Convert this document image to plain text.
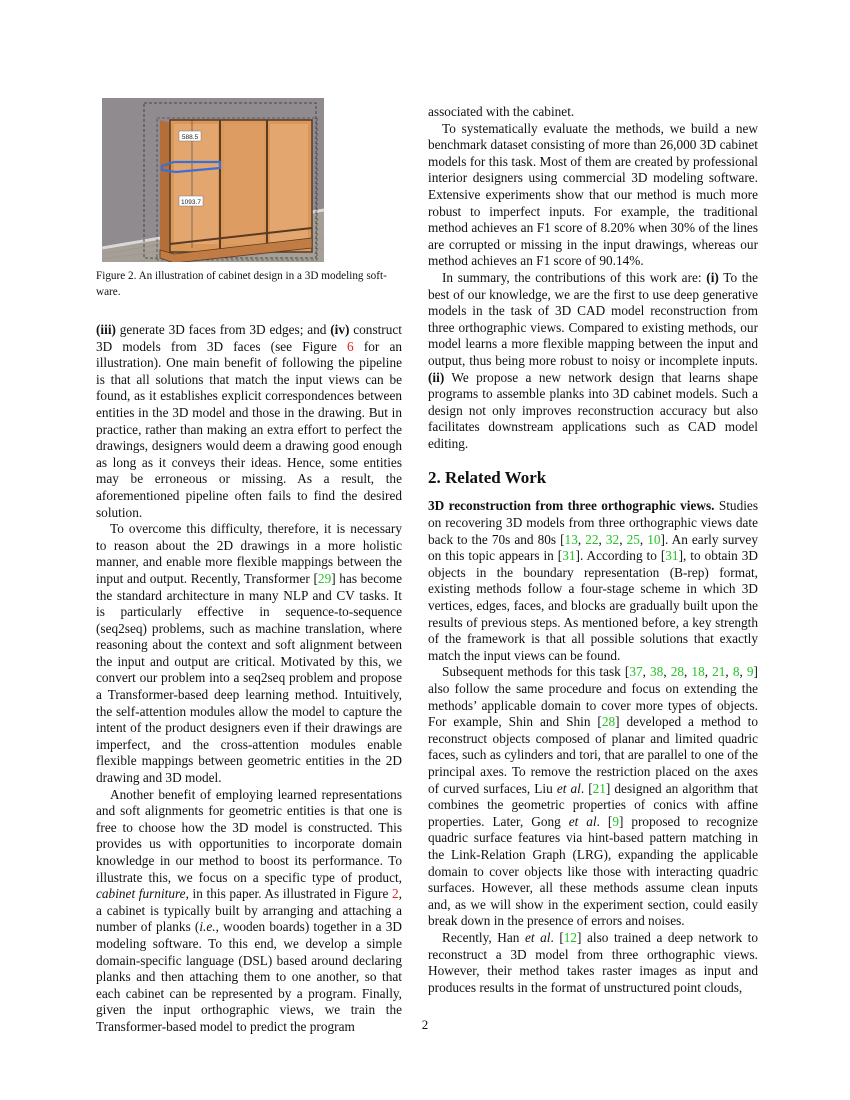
588.5
1093.7
Figure 2. An illustration of cabinet design in a 3D modeling soft-
ware.

(iii) generate 3D faces from 3D edges; and (iv) construct 3D models from 3D faces (see Figure 6 for an illustration). One main benefit of following the pipeline is that all solutions that match the input views can be found, as it establishes explicit correspondences between entities in the 3D model and those in the drawing. But in practice, rather than making an extra effort to perfect the drawings, designers would deem a drawing good enough as long as it conveys their ideas. Hence, some entities may be erroneous or missing. As a result, the aforementioned pipeline often fails to find the desired solution.

To overcome this difficulty, therefore, it is necessary to reason about the 2D drawings in a more holistic manner, and enable more flexible mappings between the input and output. Recently, Transformer [29] has become the standard architecture in many NLP and CV tasks. It is particularly effective in sequence-to-sequence (seq2seq) problems, such as machine translation, where reasoning about the context and soft alignment between the input and output are critical. Motivated by this, we convert our problem into a seq2seq problem and propose a Transformer-based deep learning method. Intuitively, the self-attention modules allow the model to capture the intent of the product designers even if their drawings are imperfect, and the cross-attention modules enable flexible mappings between geometric entities in the 2D drawing and 3D model.

Another benefit of employing learned representations and soft alignments for geometric entities is that one is free to choose how the 3D model is constructed. This provides us with opportunities to incorporate domain knowledge in our method to boost its performance. To illustrate this, we focus on a specific type of product, cabinet furniture, in this paper. As illustrated in Figure 2, a cabinet is typically built by arranging and attaching a number of planks (i.e., wooden boards) together in a 3D modeling software. To this end, we develop a simple domain-specific language (DSL) based around declaring planks and then attaching them to one another, so that each cabinet can be represented by a program. Finally, given the input orthographic views, we train the Transformer-based model to predict the program

associated with the cabinet.

To systematically evaluate the methods, we build a new benchmark dataset consisting of more than 26,000 3D cabinet models for this task. Most of them are created by professional interior designers using commercial 3D modeling software. Extensive experiments show that our method is much more robust to imperfect inputs. For example, the traditional method achieves an F1 score of 8.20% when 30% of the lines are corrupted or missing in the input drawings, whereas our method achieves an F1 score of 90.14%.

In summary, the contributions of this work are: (i) To the best of our knowledge, we are the first to use deep generative models in the task of 3D CAD model reconstruction from three orthographic views. Compared to existing methods, our model learns a more flexible mapping between the input and output, thus being more robust to noisy or incomplete inputs. (ii) We propose a new network design that learns shape programs to assemble planks into 3D cabinet models. Such a design not only improves reconstruction accuracy but also facilitates downstream applications such as CAD model editing.

2. Related Work

3D reconstruction from three orthographic views. Studies on recovering 3D models from three orthographic views date back to the 70s and 80s [13, 22, 32, 25, 10]. An early survey on this topic appears in [31]. According to [31], to obtain 3D objects in the boundary representation (B-rep) format, existing methods follow a four-stage scheme in which 3D vertices, edges, faces, and blocks are gradually built upon the results of previous steps. As mentioned before, a key strength of the framework is that all possible solutions that exactly match the input views can be found.

Subsequent methods for this task [37, 38, 28, 18, 21, 8, 9] also follow the same procedure and focus on extending the methods’ applicable domain to cover more types of objects. For example, Shin and Shin [28] developed a method to reconstruct objects composed of planar and limited quadric faces, such as cylinders and tori, that are parallel to one of the principal axes. To remove the restriction placed on the axes of curved surfaces, Liu et al. [21] designed an algorithm that combines the geometric properties of conics with affine properties. Later, Gong et al. [9] proposed to recognize quadric surface features via hint-based pattern matching in the Link-Relation Graph (LRG), expanding the applicable domain to cover objects like those with interacting quadric surfaces. However, all these methods assume clean inputs and, as we will show in the experiment section, could easily break down in the presence of errors and noises.

Recently, Han et al. [12] also trained a deep network to reconstruct a 3D model from three orthographic views. However, their method takes raster images as input and produces results in the format of unstructured point clouds,

2
